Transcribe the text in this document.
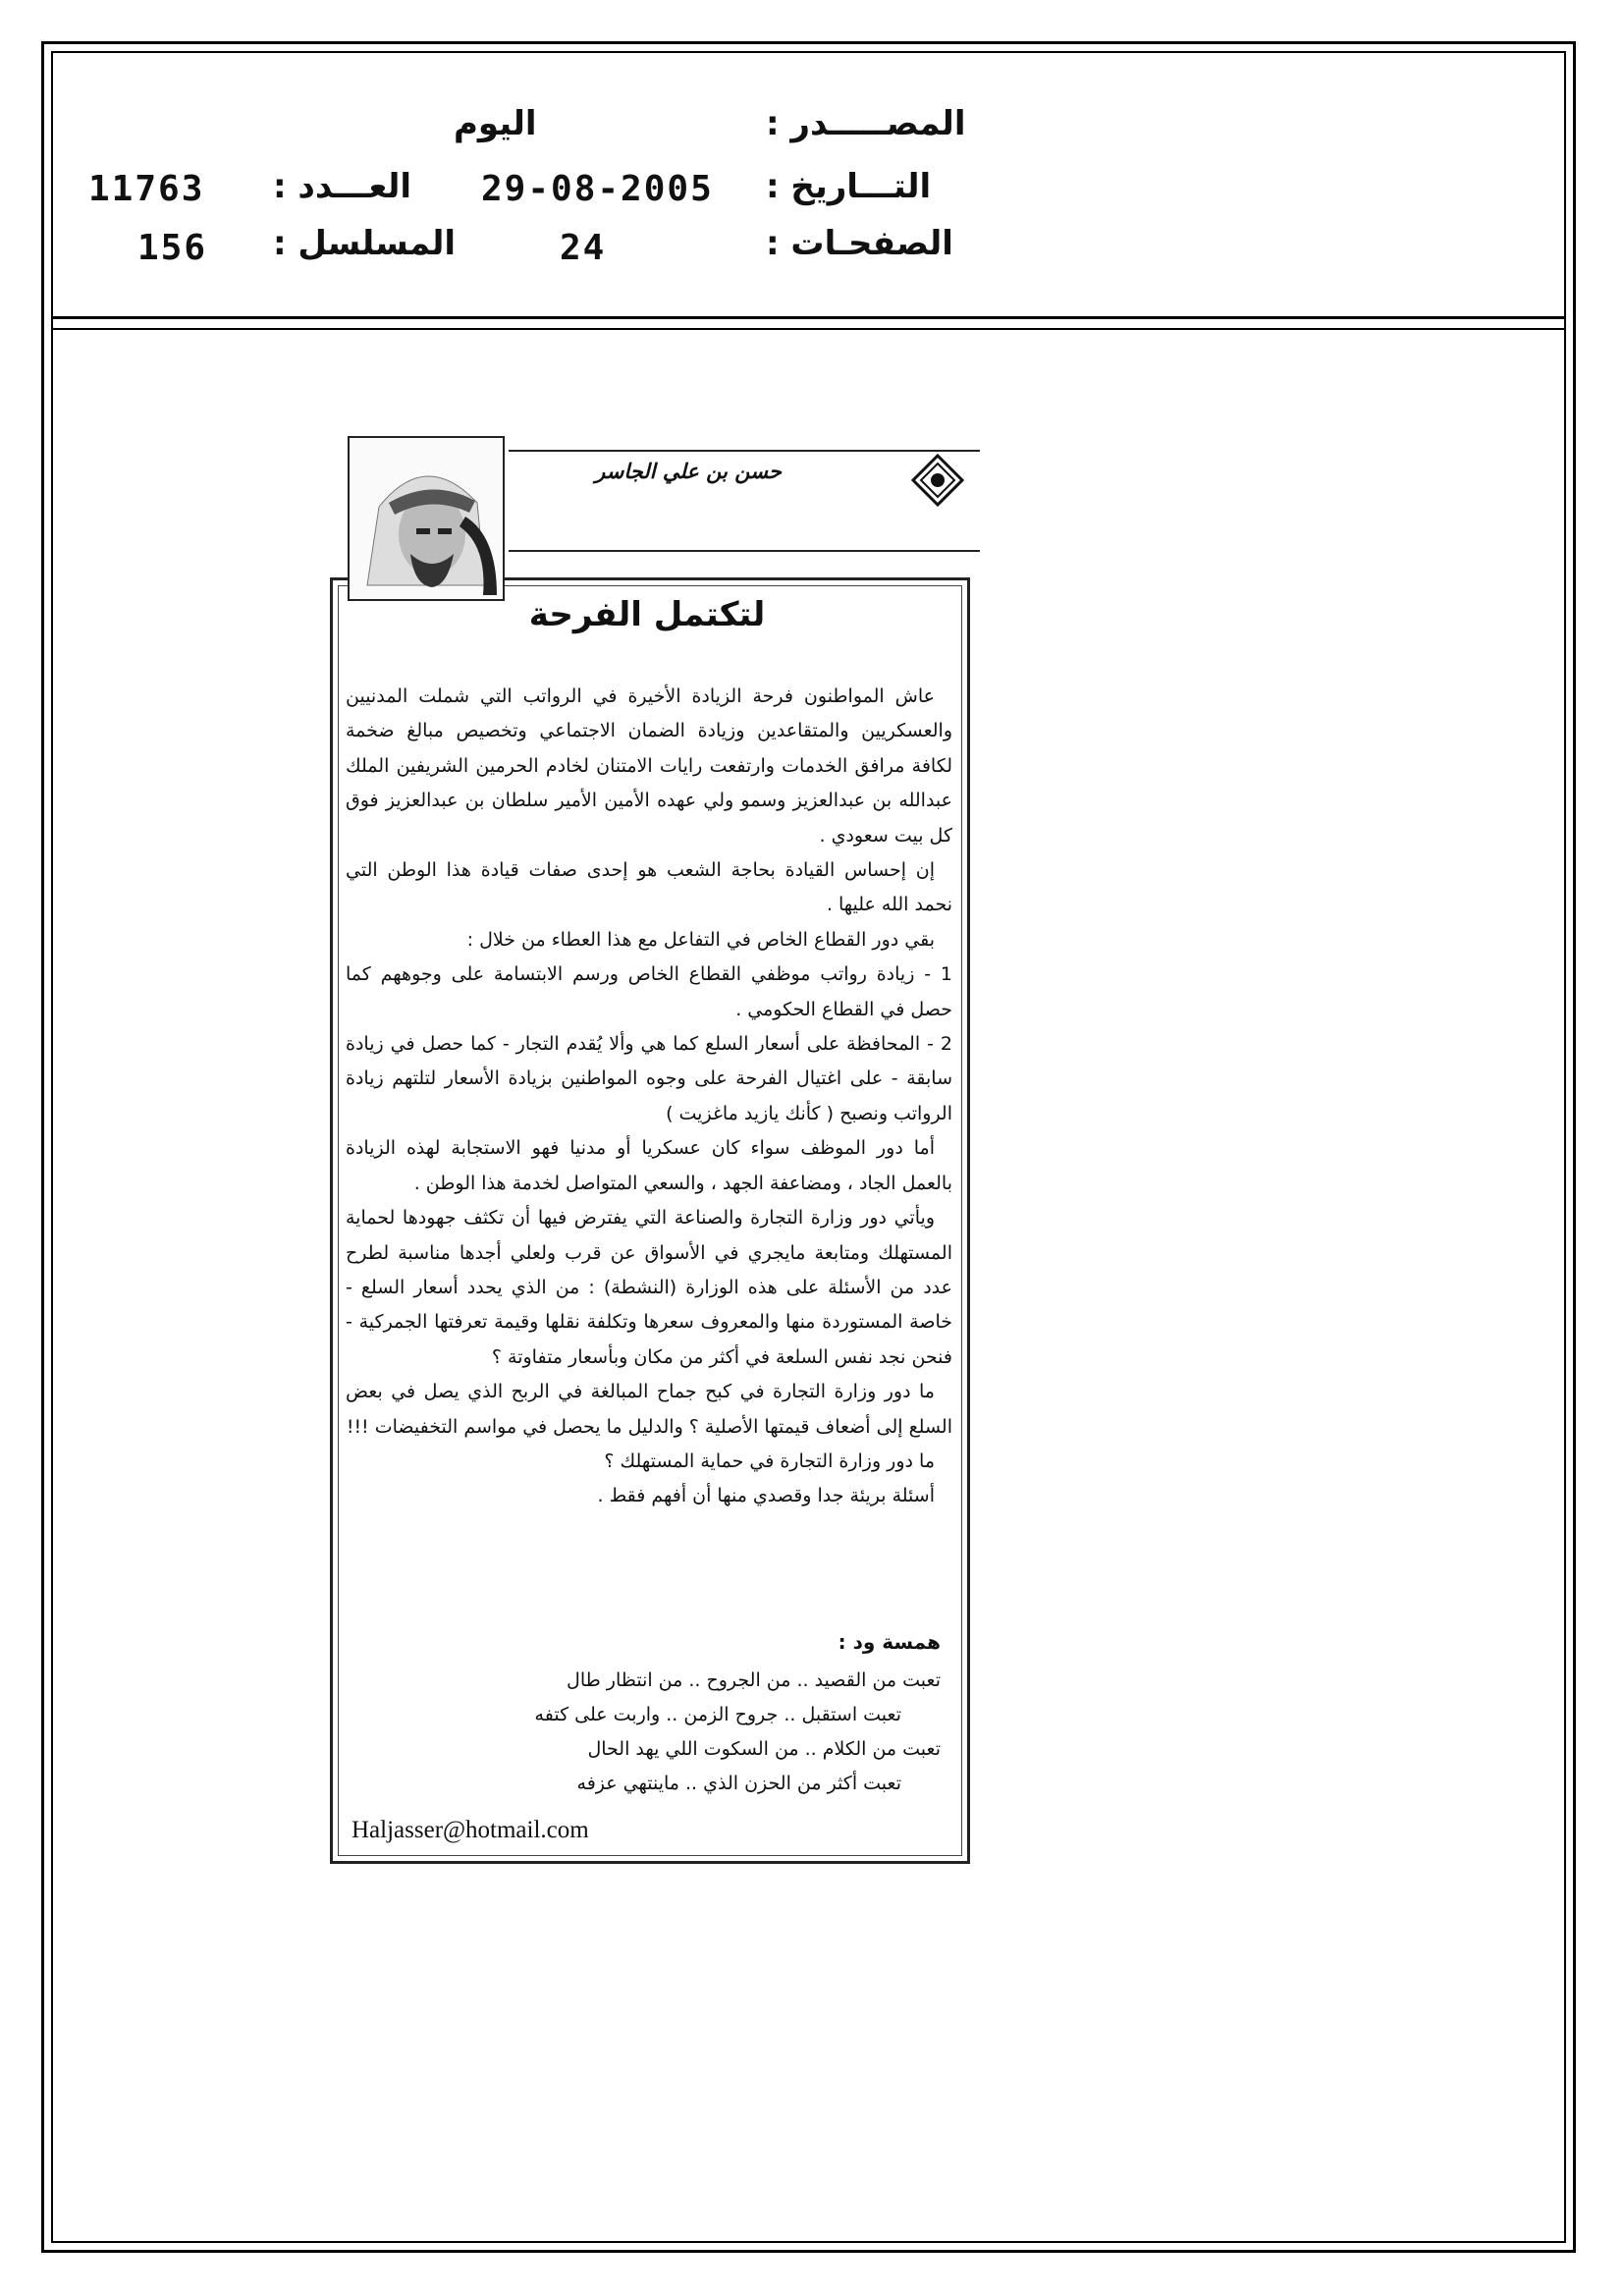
المصـــــدر :
اليوم
التـــاريخ :
29-08-2005
العـــدد :
11763
الصفحـات :
24
المسلسل :
156
حسن بن علي الجاسر
لتكتمل الفرحة

عاش المواطنون فرحة الزيادة الأخيرة في الرواتب التي شملت المدنيين والعسكريين والمتقاعدين وزيادة الضمان الاجتماعي وتخصيص مبالغ ضخمة لكافة مرافق الخدمات وارتفعت رايات الامتنان لخادم الحرمين الشريفين الملك عبدالله بن عبدالعزيز وسمو ولي عهده الأمين الأمير سلطان بن عبدالعزيز فوق كل بيت سعودي .

إن إحساس القيادة بحاجة الشعب هو إحدى صفات قيادة هذا الوطن التي نحمد الله عليها .

بقي دور القطاع الخاص في التفاعل مع هذا العطاء من خلال :

1 - زيادة رواتب موظفي القطاع الخاص ورسم الابتسامة على وجوههم كما حصل في القطاع الحكومي .

2 - المحافظة على أسعار السلع كما هي وألا يُقدم التجار - كما حصل في زيادة سابقة - على اغتيال الفرحة على وجوه المواطنين بزيادة الأسعار لتلتهم زيادة الرواتب ونصبح ( كأنك يازيد ماغزيت )

أما دور الموظف سواء كان عسكريا أو مدنيا فهو الاستجابة لهذه الزيادة بالعمل الجاد ، ومضاعفة الجهد ، والسعي المتواصل لخدمة هذا الوطن .

ويأتي دور وزارة التجارة والصناعة التي يفترض فيها أن تكثف جهودها لحماية المستهلك ومتابعة مايجري في الأسواق عن قرب ولعلي أجدها مناسبة لطرح عدد من الأسئلة على هذه الوزارة (النشطة) : من الذي يحدد أسعار السلع - خاصة المستوردة منها والمعروف سعرها وتكلفة نقلها وقيمة تعرفتها الجمركية - فنحن نجد نفس السلعة في أكثر من مكان وبأسعار متفاوتة ؟

ما دور وزارة التجارة في كبح جماح المبالغة في الربح الذي يصل في بعض السلع إلى أضعاف قيمتها الأصلية ؟ والدليل ما يحصل في مواسم التخفيضات !!!

ما دور وزارة التجارة في حماية المستهلك ؟

أسئلة بريئة جدا وقصدي منها أن أفهم فقط .

همسة ود :
تعبت من القصيد .. من الجروح .. من انتظار طال
تعبت استقبل .. جروح الزمن .. واربت على كتفه
تعبت من الكلام .. من السكوت اللي يهد الحال
تعبت أكثر من الحزن الذي .. ماينتهي عزفه
Haljasser@hotmail.com
